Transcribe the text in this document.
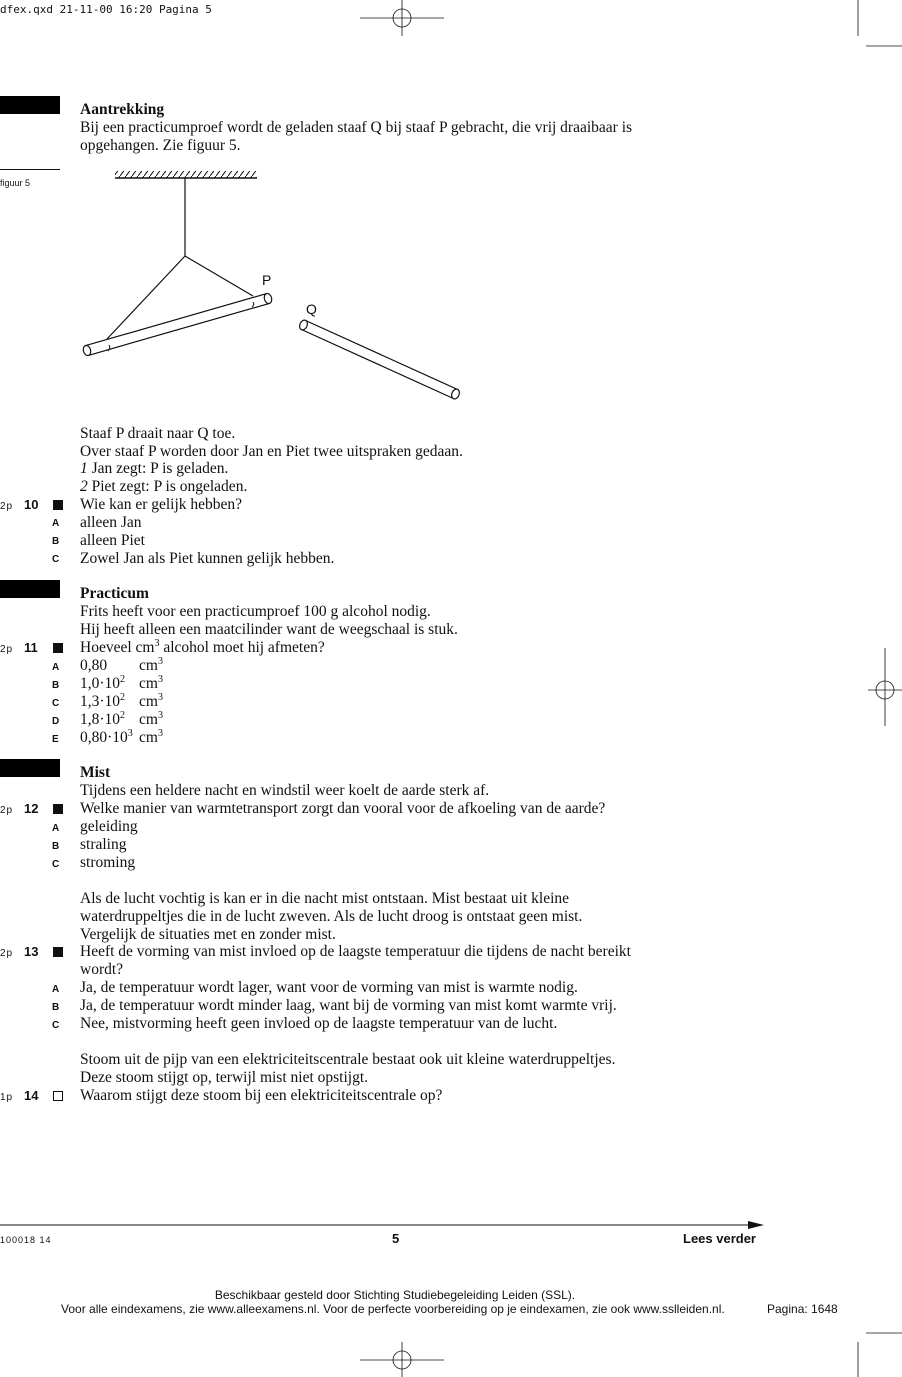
dfex.qxd 21-11-00 16:20 Pagina 5
Aantrekking
Bij een practicumproef wordt de geladen staaf Q bij staaf P gebracht, die vrij draaibaar is
opgehangen. Zie figuur 5.
figuur 5
P
Q
Staaf P draait naar Q toe.
Over staaf P worden door Jan en Piet twee uitspraken gedaan.
1 Jan zegt: P is geladen.
2 Piet zegt: P is ongeladen.
2p 10	Wie kan er gelijk hebben?
A alleen Jan
B alleen Piet
C Zowel Jan als Piet kunnen gelijk hebben.
Practicum
Frits heeft voor een practicumproef 100 g alcohol nodig.
Hij heeft alleen een maatcilinder want de weegschaal is stuk.
2p 11	Hoeveel $cm^3$ alcohol moet hij afmeten?
A 0,80 $cm^3$
B $1,0\cdot 10^2$ $cm^3$
C $1,3\cdot 10^2$ $cm^3$
D $1,8\cdot 10^2$ $cm^3$
E $0,80\cdot 10^3$ $cm^3$
Mist
Tijdens een heldere nacht en windstil weer koelt de aarde sterk af.
2p 12	Welke manier van warmtetransport zorgt dan vooral voor de afkoeling van de aarde?
A geleiding
B straling
C stroming
Als de lucht vochtig is kan er in die nacht mist ontstaan. Mist bestaat uit kleine
waterdruppeltjes die in de lucht zweven. Als de lucht droog is ontstaat geen mist.
Vergelijk de situaties met en zonder mist.
2p 13	Heeft de vorming van mist invloed op de laagste temperatuur die tijdens de nacht bereikt
wordt?
A Ja, de temperatuur wordt lager, want voor de vorming van mist is warmte nodig.
B Ja, de temperatuur wordt minder laag, want bij de vorming van mist komt warmte vrij.
C Nee, mistvorming heeft geen invloed op de laagste temperatuur van de lucht.
Stoom uit de pijp van een elektriciteitscentrale bestaat ook uit kleine waterdruppeltjes.
Deze stoom stijgt op, terwijl mist niet opstijgt.
1p 14	Waarom stijgt deze stoom bij een elektriciteitscentrale op?
100018 14	5	Lees verder
Beschikbaar gesteld door Stichting Studiebegeleiding Leiden (SSL).
Voor alle eindexamens, zie www.alleexamens.nl. Voor de perfecte voorbereiding op je eindexamen, zie ook www.sslleiden.nl.	Pagina: 1648
